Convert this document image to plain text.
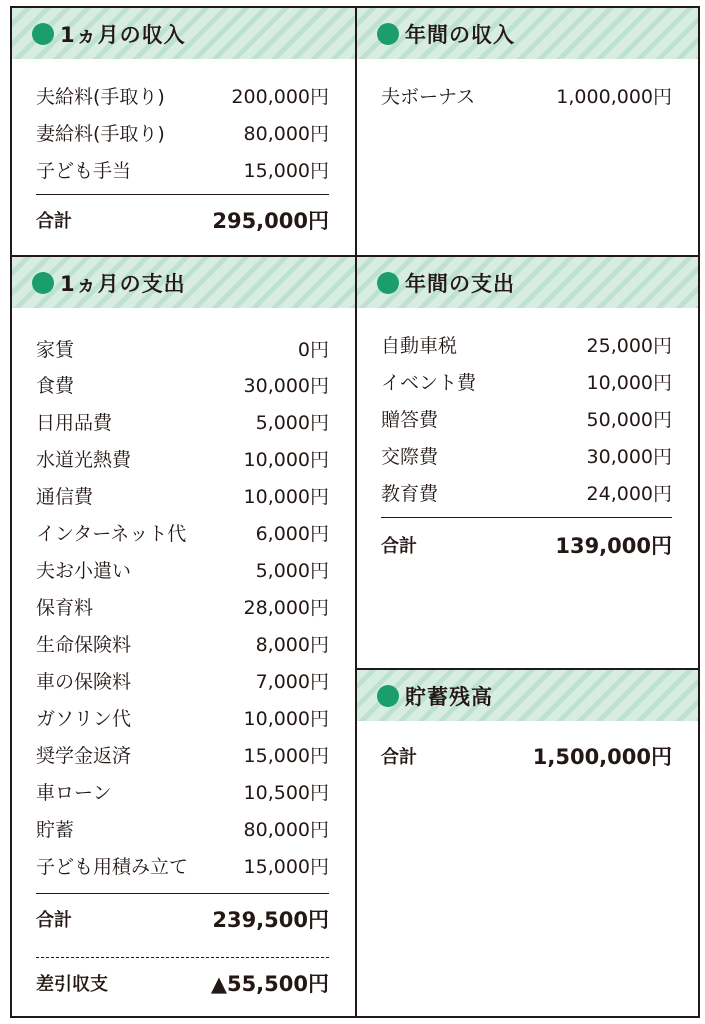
1ヵ月の収入
夫給料(手取り)	200,000円
妻給料(手取り)	80,000円
子ども手当	15,000円
合計	295,000円
年間の収入
夫ボーナス	1,000,000円
1ヵ月の支出
家賃	0円
食費	30,000円
日用品費	5,000円
水道光熱費	10,000円
通信費	10,000円
インターネット代	6,000円
夫お小遣い	5,000円
保育料	28,000円
生命保険料	8,000円
車の保険料	7,000円
ガソリン代	10,000円
奨学金返済	15,000円
車ローン	10,500円
貯蓄	80,000円
子ども用積み立て	15,000円
合計	239,500円
差引収支	▲55,500円
年間の支出
自動車税	25,000円
イベント費	10,000円
贈答費	50,000円
交際費	30,000円
教育費	24,000円
合計	139,000円
貯蓄残高
合計	1,500,000円
